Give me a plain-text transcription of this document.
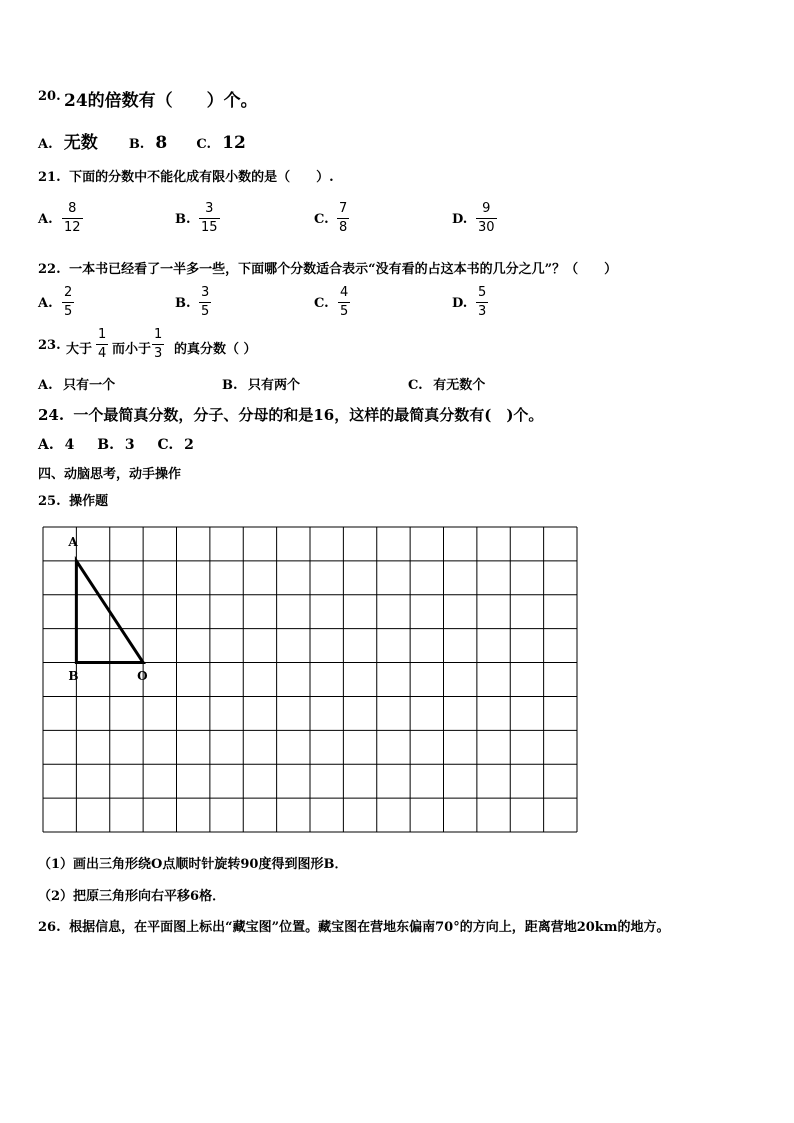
20. 24的倍数有（　　）个。
A. 无数 B. 8 C. 12
21. 下面的分数中不能化成有限小数的是（　　）.
A.
8
12
B.
3
15
C.
7
8
D.
9
30
22. 一本书已经看了一半多一些，下面哪个分数适合表示“没有看的占这本书的几分之几”？（　　）
A.
2
5
B.
3
5
C.
4
5
D.
5
3
23. 大于
1
4 而小于
1
3 的真分数（ ）
A. 只有一个	B. 只有两个	C. 有无数个
24. 一个最简真分数，分子、分母的和是16，这样的最简真分数有(　)个。
A. 4 B. 3 C. 2
四、动脑思考，动手操作
25. 操作题
A
B	O
（1）画出三角形绕O点顺时针旋转90度得到图形B．
（2）把原三角形向右平移6格．
26. 根据信息，在平面图上标出“藏宝图”位置。藏宝图在营地东偏南70°的方向上，距离营地20km的地方。
